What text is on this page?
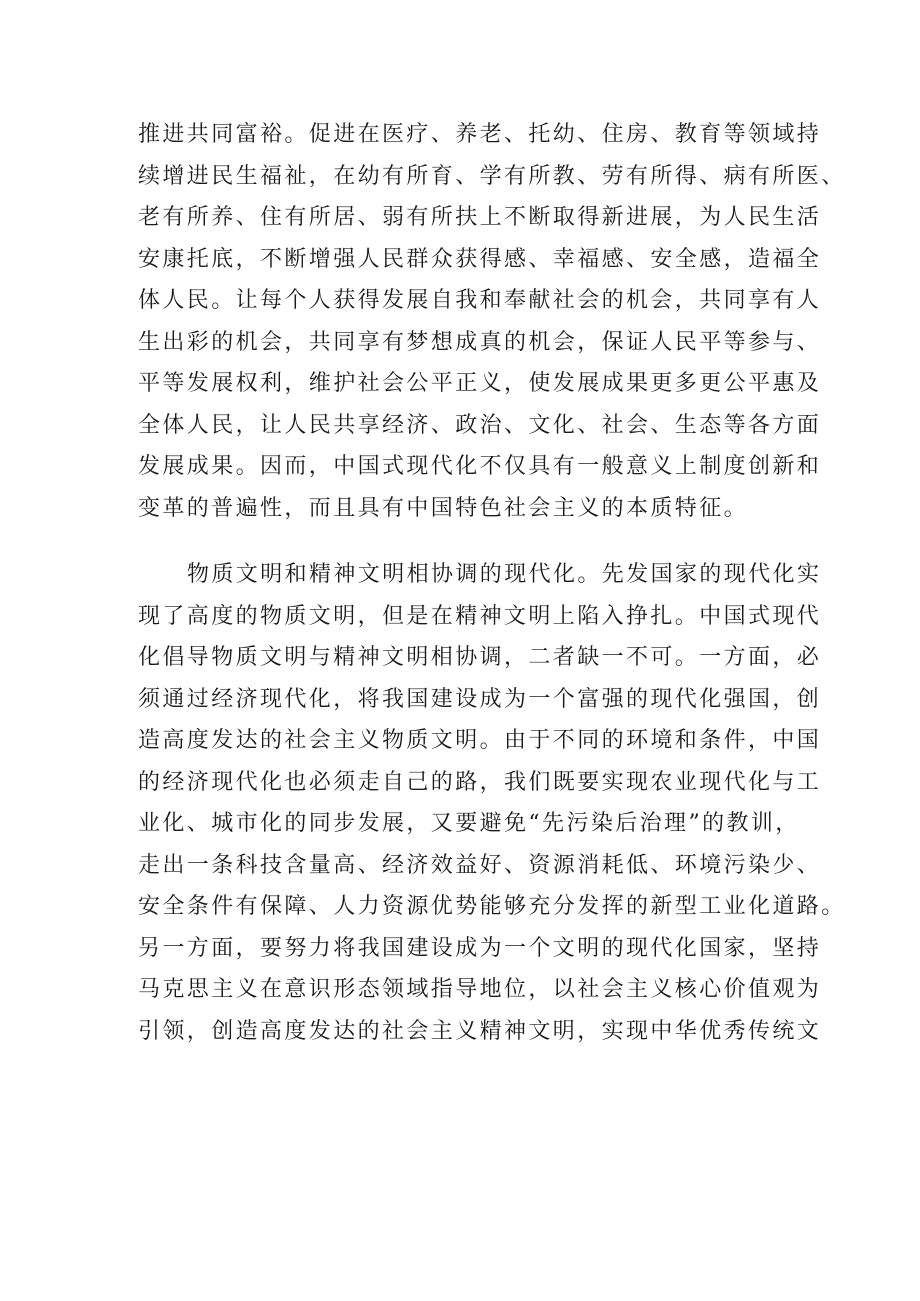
推进共同富裕。促进在医疗、养老、托幼、住房、教育等领域持
续增进民生福祉，在幼有所育、学有所教、劳有所得、病有所医、
老有所养、住有所居、弱有所扶上不断取得新进展，为人民生活
安康托底，不断增强人民群众获得感、幸福感、安全感，造福全
体人民。让每个人获得发展自我和奉献社会的机会，共同享有人
生出彩的机会，共同享有梦想成真的机会，保证人民平等参与、
平等发展权利，维护社会公平正义，使发展成果更多更公平惠及
全体人民，让人民共享经济、政治、文化、社会、生态等各方面
发展成果。因而，中国式现代化不仅具有一般意义上制度创新和
变革的普遍性，而且具有中国特色社会主义的本质特征。
物质文明和精神文明相协调的现代化。先发国家的现代化实
现了高度的物质文明，但是在精神文明上陷入挣扎。中国式现代
化倡导物质文明与精神文明相协调，二者缺一不可。一方面，必
须通过经济现代化，将我国建设成为一个富强的现代化强国，创
造高度发达的社会主义物质文明。由于不同的环境和条件，中国
的经济现代化也必须走自己的路，我们既要实现农业现代化与工
业化、城市化的同步发展，又要避免“先污染后治理”的教训，
走出一条科技含量高、经济效益好、资源消耗低、环境污染少、
安全条件有保障、人力资源优势能够充分发挥的新型工业化道路。
另一方面，要努力将我国建设成为一个文明的现代化国家，坚持
马克思主义在意识形态领域指导地位，以社会主义核心价值观为
引领，创造高度发达的社会主义精神文明，实现中华优秀传统文
